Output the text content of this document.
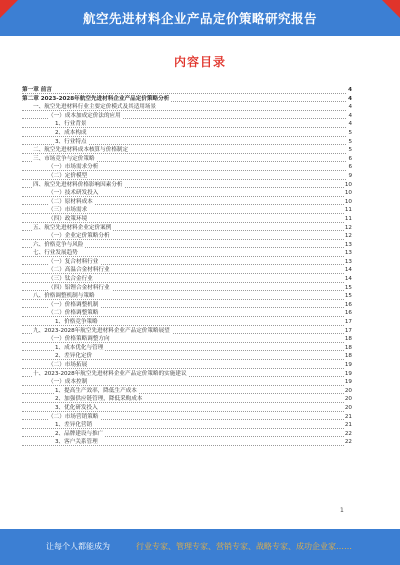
航空先进材料企业产品定价策略研究报告
内容目录
第一章 前言	4
第二章 2023-2028年航空先进材料企业产品定价策略分析	4
一、航空先进材料行业主要定价模式及其适用场景	4
（一）成本加成定价法的应用	4
1、行业背景	4
2、成本构成	5
3、行业特点	5
二、航空先进材料成本核算与价格制定	5
三、市场竞争与定价策略	6
（一）市场需求分析	6
（二）定价模型	9
四、航空先进材料价格影响因素分析	10
（一）技术研发投入	10
（二）原材料成本	10
（三）市场需求	11
（四）政策环境	11
五、航空先进材料企业定价案例	12
（一）企业定价策略分析	12
六、价格竞争与风险	13
七、行业发展趋势	13
（一）复合材料行业	13
（二）高温合金材料行业	14
（三）钛合金行业	14
（四）铝锂合金材料行业	15
八、价格调整机制与策略	15
（一）价格调整机制	16
（二）价格调整策略	16
1、价格竞争策略	17
九、2023-2028年航空先进材料企业产品定价策略展望	17
（一）价格策略调整方向	18
1、成本优化与管理	18
2、差异化定价	18
（二）市场拓展	19
十、2023-2028年航空先进材料企业产品定价策略的实施建议	19
（一）成本控制	19
1、提高生产效率，降低生产成本	20
2、加强供应链管理，降低采购成本	20
3、优化研发投入	20
（二）市场营销策略	21
1、差异化营销	21
2、品牌建设与推广	22
3、客户关系管理	22
1
让每个人都能成为	行业专家、管理专家、营销专家、战略专家、成功企业家……
